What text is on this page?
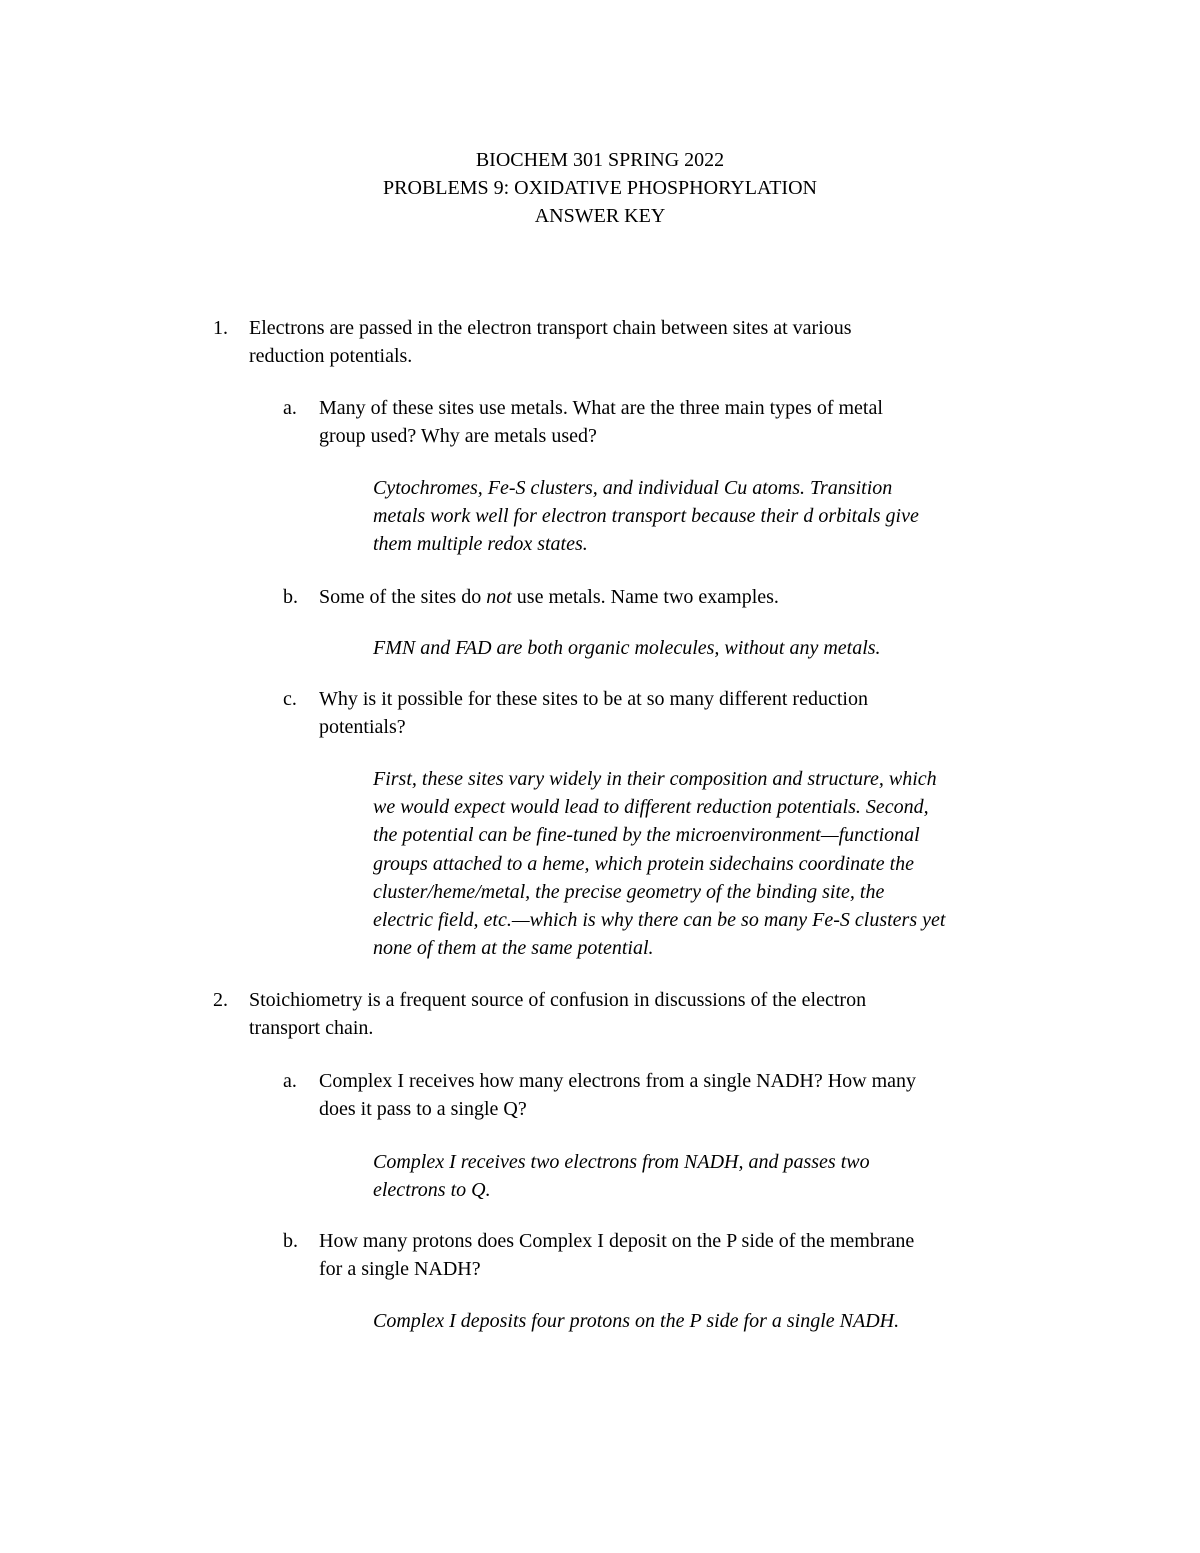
BIOCHEM 301 SPRING 2022
PROBLEMS 9: OXIDATIVE PHOSPHORYLATION
ANSWER KEY
1. Electrons are passed in the electron transport chain between sites at various
reduction potentials.
a. Many of these sites use metals. What are the three main types of metal
group used? Why are metals used?
Cytochromes, Fe-S clusters, and individual Cu atoms. Transition
metals work well for electron transport because their d orbitals give
them multiple redox states.
b. Some of the sites do not use metals. Name two examples.
FMN and FAD are both organic molecules, without any metals.
c. Why is it possible for these sites to be at so many different reduction
potentials?
First, these sites vary widely in their composition and structure, which
we would expect would lead to different reduction potentials. Second,
the potential can be fine-tuned by the microenvironment—functional
groups attached to a heme, which protein sidechains coordinate the
cluster/heme/metal, the precise geometry of the binding site, the
electric field, etc.—which is why there can be so many Fe-S clusters yet
none of them at the same potential.
2. Stoichiometry is a frequent source of confusion in discussions of the electron
transport chain.
a. Complex I receives how many electrons from a single NADH? How many
does it pass to a single Q?
Complex I receives two electrons from NADH, and passes two
electrons to Q.
b. How many protons does Complex I deposit on the P side of the membrane
for a single NADH?
Complex I deposits four protons on the P side for a single NADH.
